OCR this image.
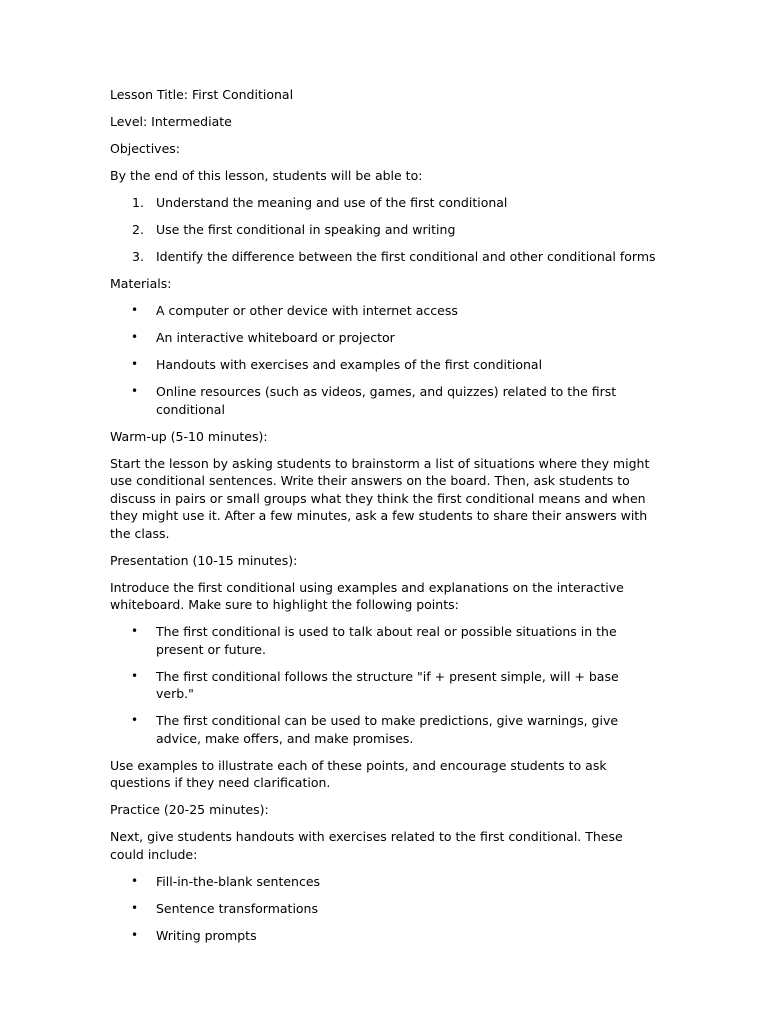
Lesson Title: First Conditional

Level: Intermediate

Objectives:

By the end of this lesson, students will be able to:

1. Understand the meaning and use of the first conditional
2. Use the first conditional in speaking and writing
3. Identify the difference between the first conditional and other conditional forms

Materials:

•	A computer or other device with internet access
•	An interactive whiteboard or projector
•	Handouts with exercises and examples of the first conditional
•	Online resources (such as videos, games, and quizzes) related to the first conditional

Warm-up (5-10 minutes):

Start the lesson by asking students to brainstorm a list of situations where they might use conditional sentences. Write their answers on the board. Then, ask students to discuss in pairs or small groups what they think the first conditional means and when they might use it. After a few minutes, ask a few students to share their answers with the class.

Presentation (10-15 minutes):

Introduce the first conditional using examples and explanations on the interactive whiteboard. Make sure to highlight the following points:

•	The first conditional is used to talk about real or possible situations in the present or future.
•	The first conditional follows the structure "if + present simple, will + base verb."
•	The first conditional can be used to make predictions, give warnings, give advice, make offers, and make promises.

Use examples to illustrate each of these points, and encourage students to ask questions if they need clarification.

Practice (20-25 minutes):

Next, give students handouts with exercises related to the first conditional. These could include:

•	Fill-in-the-blank sentences
•	Sentence transformations
•	Writing prompts
